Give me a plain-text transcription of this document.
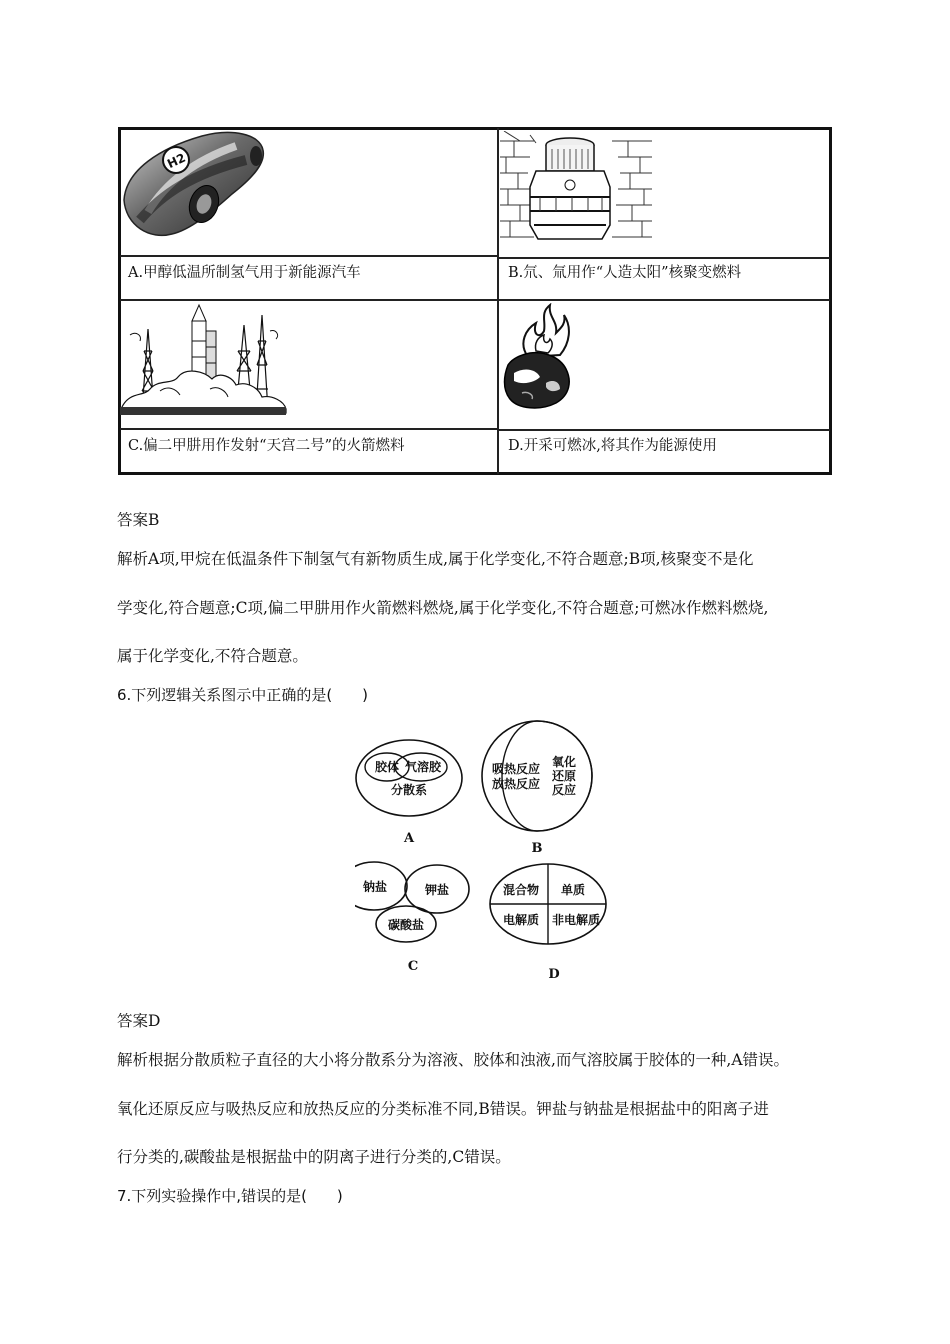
H2
A.甲醇低温所制氢气用于新能源汽车	B.氘、氚用作“人造太阳”核聚变燃料
C.偏二甲肼用作发射“天宫二号”的火箭燃料	D.开采可燃冰,将其作为能源使用
答案B
解析A项,甲烷在低温条件下制氢气有新物质生成,属于化学变化,不符合题意;B项,核聚变不是化
学变化,符合题意;C项,偏二甲肼用作火箭燃料燃烧,属于化学变化,不符合题意;可燃冰作燃料燃烧,
属于化学变化,不符合题意。
6.下列逻辑关系图示中正确的是(　　)
胶体 气溶胶
分散系
A
吸热反应
放热反应
氧化
还原
反应
B
钠盐	钾盐
碳酸盐
C
混合物 单质
电解质 非电解质
D
答案D
解析根据分散质粒子直径的大小将分散系分为溶液、胶体和浊液,而气溶胶属于胶体的一种,A错误。
氧化还原反应与吸热反应和放热反应的分类标准不同,B错误。钾盐与钠盐是根据盐中的阳离子进
行分类的,碳酸盐是根据盐中的阴离子进行分类的,C错误。
7.下列实验操作中,错误的是(　　)
